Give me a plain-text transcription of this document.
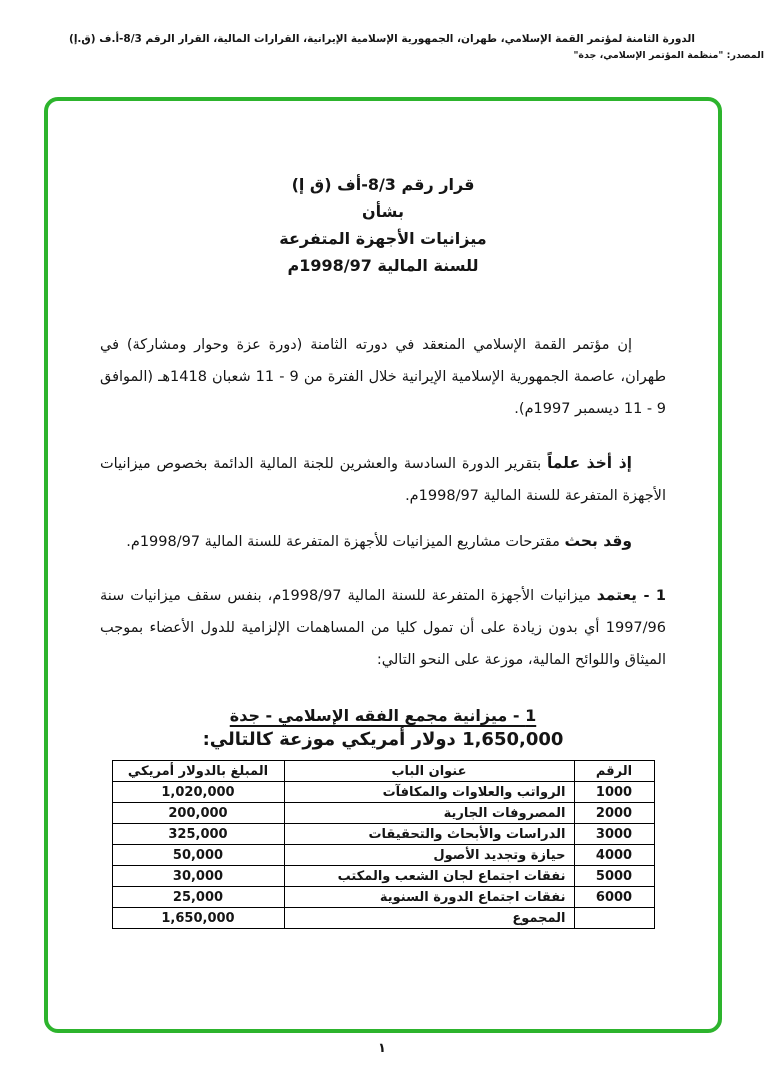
الدورة الثامنة لمؤتمر القمة الإسلامي، طهران، الجمهورية الإسلامية الإيرانية، القرارات المالية، القرار الرقم 8/3-أ.ف (ق.إ)
المصدر: "منظمة المؤتمر الإسلامي، جدة"
قرار رقم 8/3-أف (ق إ)
بشأن
ميزانيات الأجهزة المتفرعة
للسنة المالية 1998/97م

إن مؤتمر القمة الإسلامي المنعقد في دورته الثامنة (دورة عزة وحوار ومشاركة) في طهران، عاصمة الجمهورية الإسلامية الإيرانية خلال الفترة من 9 - 11 شعبان 1418هـ (الموافق 9 - 11 ديسمبر 1997م).

إذ أخذ علماً بتقرير الدورة السادسة والعشرين للجنة المالية الدائمة بخصوص ميزانيات الأجهزة المتفرعة للسنة المالية 1998/97م.

وقد بحث مقترحات مشاريع الميزانيات للأجهزة المتفرعة للسنة المالية 1998/97م.

1 - يعتمد ميزانيات الأجهزة المتفرعة للسنة المالية 1998/97م، بنفس سقف ميزانيات سنة 1997/96 أي بدون زيادة على أن تمول كليا من المساهمات الإلزامية للدول الأعضاء بموجب الميثاق واللوائح المالية، موزعة على النحو التالي:

1 - ميزانية مجمع الفقه الإسلامي - جدة
1,650,000 دولار أمريكي موزعة كالتالي:
الرقم	عنوان الباب	المبلغ بالدولار أمريكي
1000	الرواتب والعلاوات والمكافآت	1,020,000
2000	المصروفات الجارية	200,000
3000	الدراسات والأبحاث والتحقيقات	325,000
4000	حيازة وتجديد الأصول	50,000
5000	نفقات اجتماع لجان الشعب والمكتب	30,000
6000	نفقات اجتماع الدورة السنوية	25,000
	المجموع	1,650,000
١
